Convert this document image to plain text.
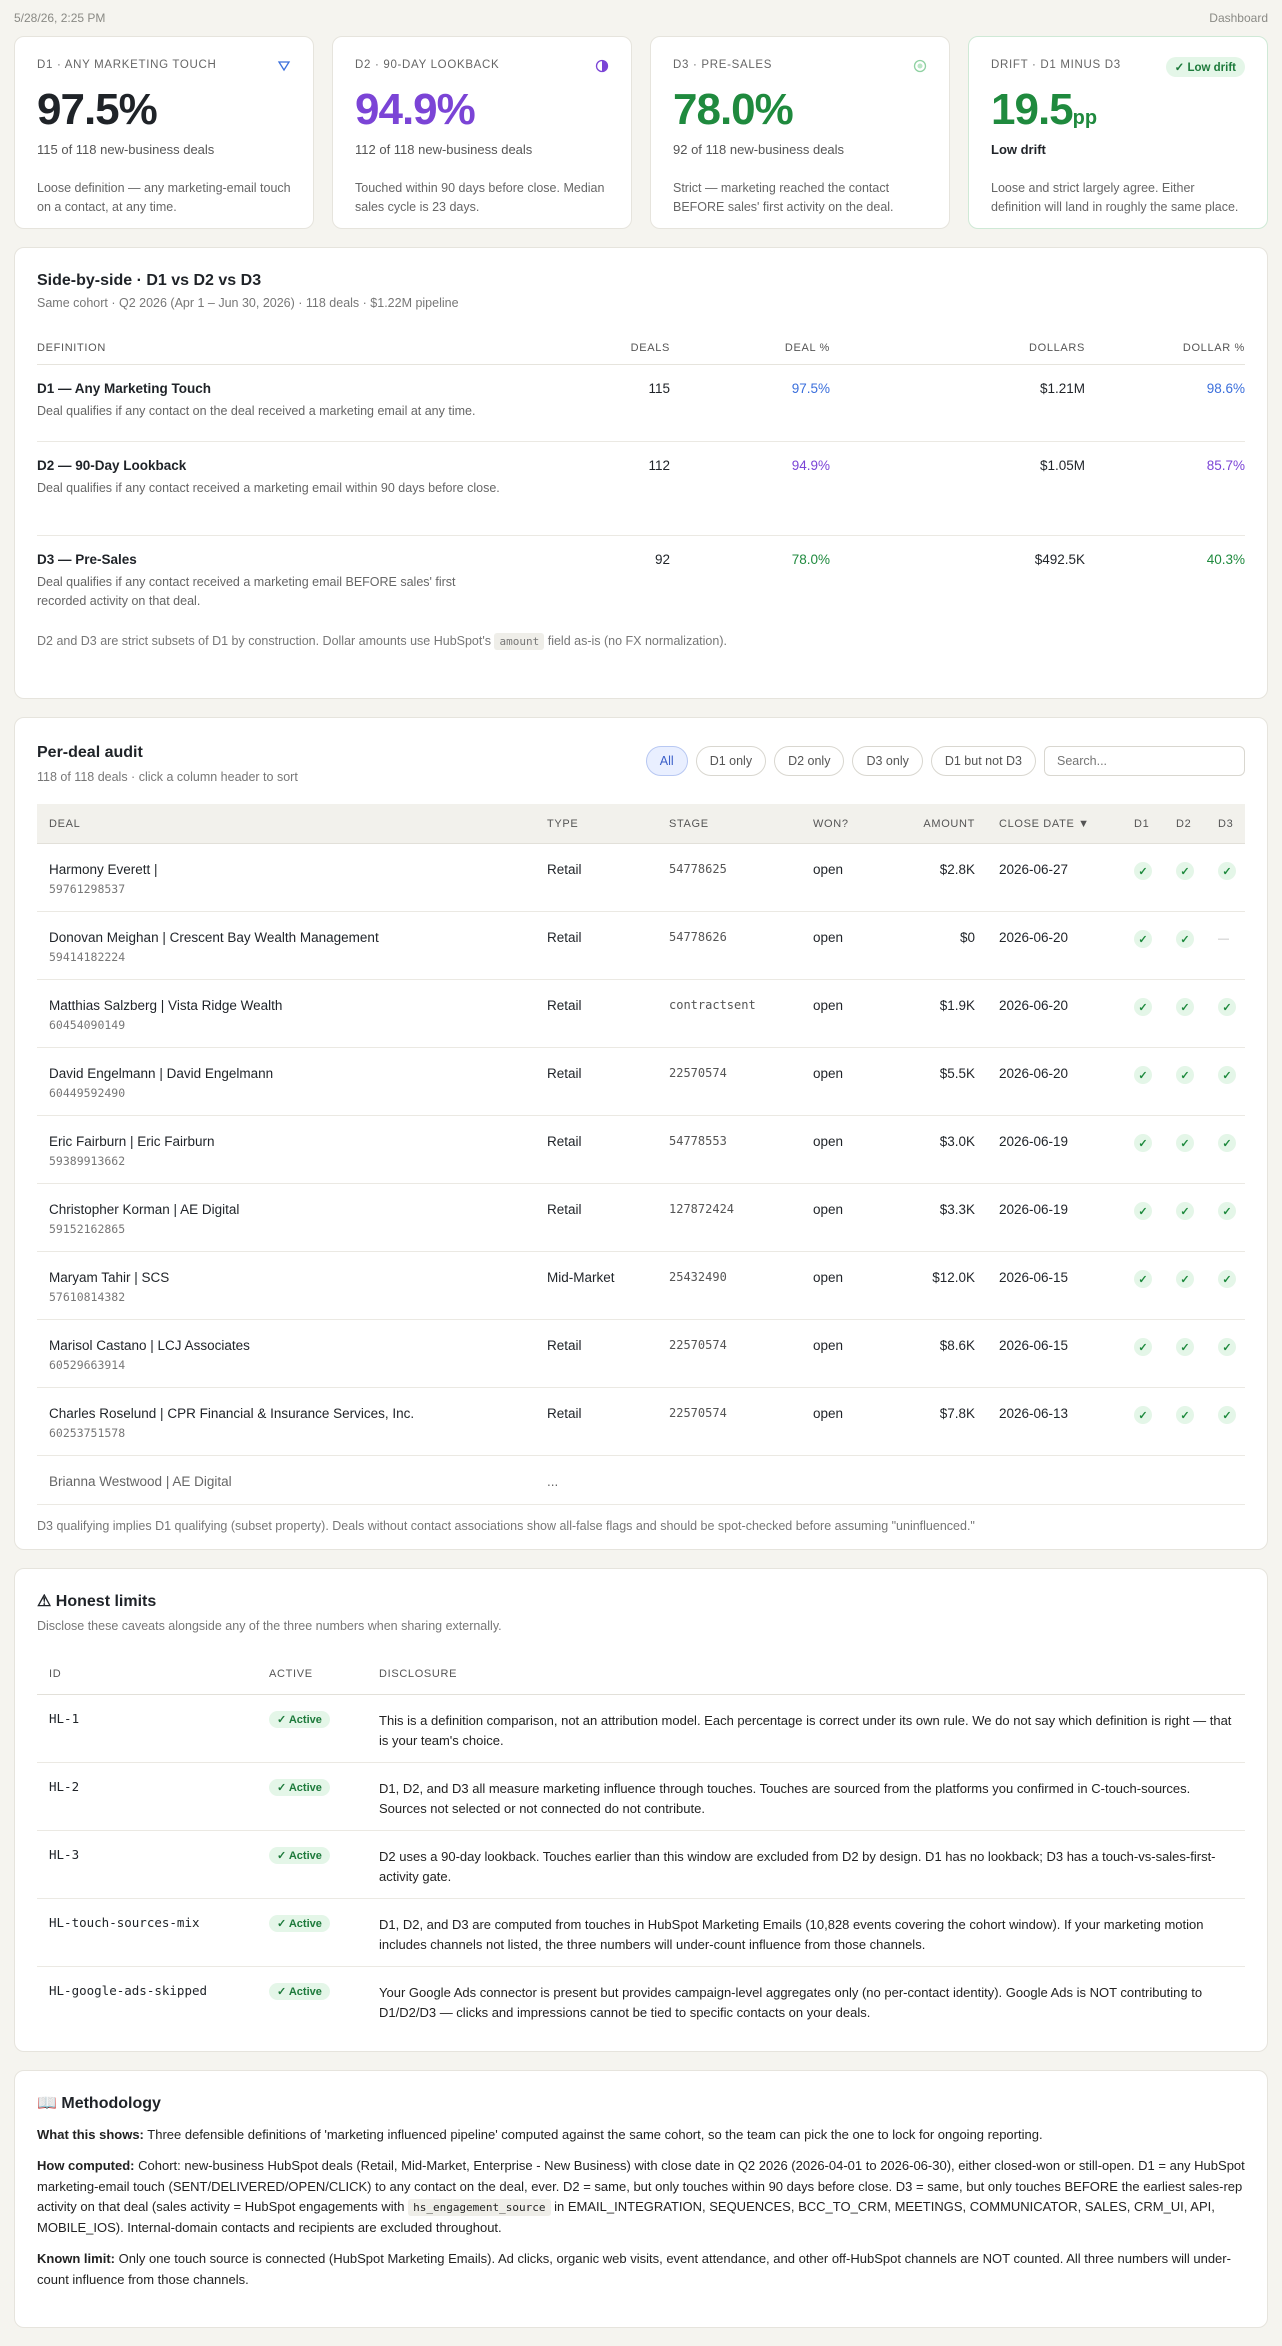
5/28/26, 2:25 PM	Dashboard
D1 · ANY MARKETING TOUCH
97.5%
115 of 118 new-business deals
Loose definition — any marketing-email touch on a contact, at any time.
D2 · 90-DAY LOOKBACK
94.9%
112 of 118 new-business deals
Touched within 90 days before close. Median sales cycle is 23 days.
D3 · PRE-SALES
78.0%
92 of 118 new-business deals
Strict — marketing reached the contact BEFORE sales' first activity on the deal.
DRIFT · D1 MINUS D3	✓ Low drift
19.5pp
Low drift
Loose and strict largely agree. Either definition will land in roughly the same place.
Side-by-side · D1 vs D2 vs D3
Same cohort · Q2 2026 (Apr 1 – Jun 30, 2026) · 118 deals · $1.22M pipeline
DEFINITION	DEALS	DEAL %	DOLLARS	DOLLAR %
D1 — Any Marketing Touch
Deal qualifies if any contact on the deal received a marketing email at any time.
115	97.5%	$1.21M	98.6%
D2 — 90-Day Lookback
Deal qualifies if any contact received a marketing email within 90 days before close.
112	94.9%	$1.05M	85.7%
D3 — Pre-Sales
Deal qualifies if any contact received a marketing email BEFORE sales' first recorded activity on that deal.
92	78.0%	$492.5K	40.3%
D2 and D3 are strict subsets of D1 by construction. Dollar amounts use HubSpot's amount field as-is (no FX normalization).
Per-deal audit
118 of 118 deals · click a column header to sort
All	D1 only	D2 only	D3 only	D1 but not D3
Search...
DEAL	TYPE	STAGE	WON?	AMOUNT	CLOSE DATE ▼	D1	D2	D3
Harmony Everett |
59761298537
Retail	54778625	open	$2.8K	2026-06-27	✓	✓	✓
Donovan Meighan | Crescent Bay Wealth Management
59414182224
Retail	54778626	open	$0	2026-06-20	✓	✓	—
Matthias Salzberg | Vista Ridge Wealth
60454090149
Retail	contractsent	open	$1.9K	2026-06-20	✓	✓	✓
David Engelmann | David Engelmann
60449592490
Retail	22570574	open	$5.5K	2026-06-20	✓	✓	✓
Eric Fairburn | Eric Fairburn
59389913662
Retail	54778553	open	$3.0K	2026-06-19	✓	✓	✓
Christopher Korman | AE Digital
59152162865
Retail	127872424	open	$3.3K	2026-06-19	✓	✓	✓
Maryam Tahir | SCS
57610814382
Mid-Market	25432490	open	$12.0K	2026-06-15	✓	✓	✓
Marisol Castano | LCJ Associates
60529663914
Retail	22570574	open	$8.6K	2026-06-15	✓	✓	✓
Charles Roselund | CPR Financial & Insurance Services, Inc.
60253751578
Retail	22570574	open	$7.8K	2026-06-13	✓	✓	✓
Brianna Westwood | AE Digital	...
D3 qualifying implies D1 qualifying (subset property). Deals without contact associations show all-false flags and should be spot-checked before assuming "uninfluenced."
⚠ Honest limits
Disclose these caveats alongside any of the three numbers when sharing externally.
ID	ACTIVE	DISCLOSURE
HL-1	✓ Active	This is a definition comparison, not an attribution model. Each percentage is correct under its own rule. We do not say which definition is right — that is your team's choice.
HL-2	✓ Active	D1, D2, and D3 all measure marketing influence through touches. Touches are sourced from the platforms you confirmed in C-touch-sources. Sources not selected or not connected do not contribute.
HL-3	✓ Active	D2 uses a 90-day lookback. Touches earlier than this window are excluded from D2 by design. D1 has no lookback; D3 has a touch-vs-sales-first-activity gate.
HL-touch-sources-mix	✓ Active	D1, D2, and D3 are computed from touches in HubSpot Marketing Emails (10,828 events covering the cohort window). If your marketing motion includes channels not listed, the three numbers will under-count influence from those channels.
HL-google-ads-skipped	✓ Active	Your Google Ads connector is present but provides campaign-level aggregates only (no per-contact identity). Google Ads is NOT contributing to D1/D2/D3 — clicks and impressions cannot be tied to specific contacts on your deals.
📖 Methodology

What this shows: Three defensible definitions of 'marketing influenced pipeline' computed against the same cohort, so the team can pick the one to lock for ongoing reporting.

How computed: Cohort: new-business HubSpot deals (Retail, Mid-Market, Enterprise - New Business) with close date in Q2 2026 (2026-04-01 to 2026-06-30), either closed-won or still-open. D1 = any HubSpot marketing-email touch (SENT/DELIVERED/OPEN/CLICK) to any contact on the deal, ever. D2 = same, but only touches within 90 days before close. D3 = same, but only touches BEFORE the earliest sales-rep activity on that deal (sales activity = HubSpot engagements with hs_engagement_source in EMAIL_INTEGRATION, SEQUENCES, BCC_TO_CRM, MEETINGS, COMMUNICATOR, SALES, CRM_UI, API, MOBILE_IOS). Internal-domain contacts and recipients are excluded throughout.

Known limit: Only one touch source is connected (HubSpot Marketing Emails). Ad clicks, organic web visits, event attendance, and other off-HubSpot channels are NOT counted. All three numbers will under-count influence from those channels.
